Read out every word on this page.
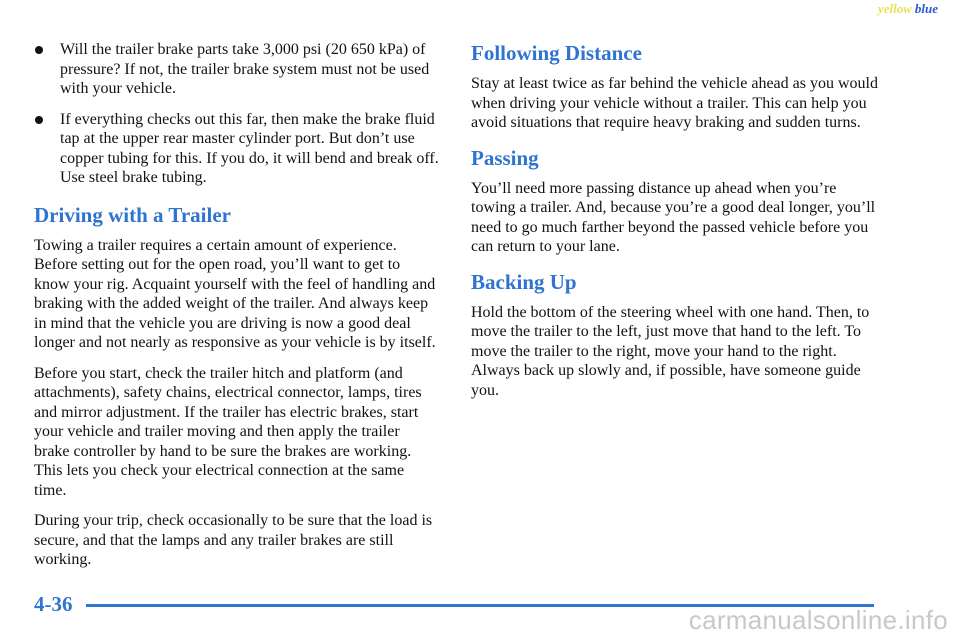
yellow blue
Will the trailer brake parts take 3,000 psi (20 650 kPa) of pressure? If not, the trailer brake system must not be used with your vehicle.
If everything checks out this far, then make the brake fluid tap at the upper rear master cylinder port. But don’t use copper tubing for this. If you do, it will bend and break off. Use steel brake tubing.
Driving with a Trailer

Towing a trailer requires a certain amount of experience. Before setting out for the open road, you’ll want to get to know your rig. Acquaint yourself with the feel of handling and braking with the added weight of the trailer. And always keep in mind that the vehicle you are driving is now a good deal longer and not nearly as responsive as your vehicle is by itself.

Before you start, check the trailer hitch and platform (and attachments), safety chains, electrical connector, lamps, tires and mirror adjustment. If the trailer has electric brakes, start your vehicle and trailer moving and then apply the trailer brake controller by hand to be sure the brakes are working. This lets you check your electrical connection at the same time.

During your trip, check occasionally to be sure that the load is secure, and that the lamps and any trailer brakes are still working.

Following Distance

Stay at least twice as far behind the vehicle ahead as you would when driving your vehicle without a trailer. This can help you avoid situations that require heavy braking and sudden turns.

Passing

You’ll need more passing distance up ahead when you’re towing a trailer. And, because you’re a good deal longer, you’ll need to go much farther beyond the passed vehicle before you can return to your lane.

Backing Up

Hold the bottom of the steering wheel with one hand. Then, to move the trailer to the left, just move that hand to the left. To move the trailer to the right, move your hand to the right. Always back up slowly and, if possible, have someone guide you.

4-36
carmanualsonline.info
